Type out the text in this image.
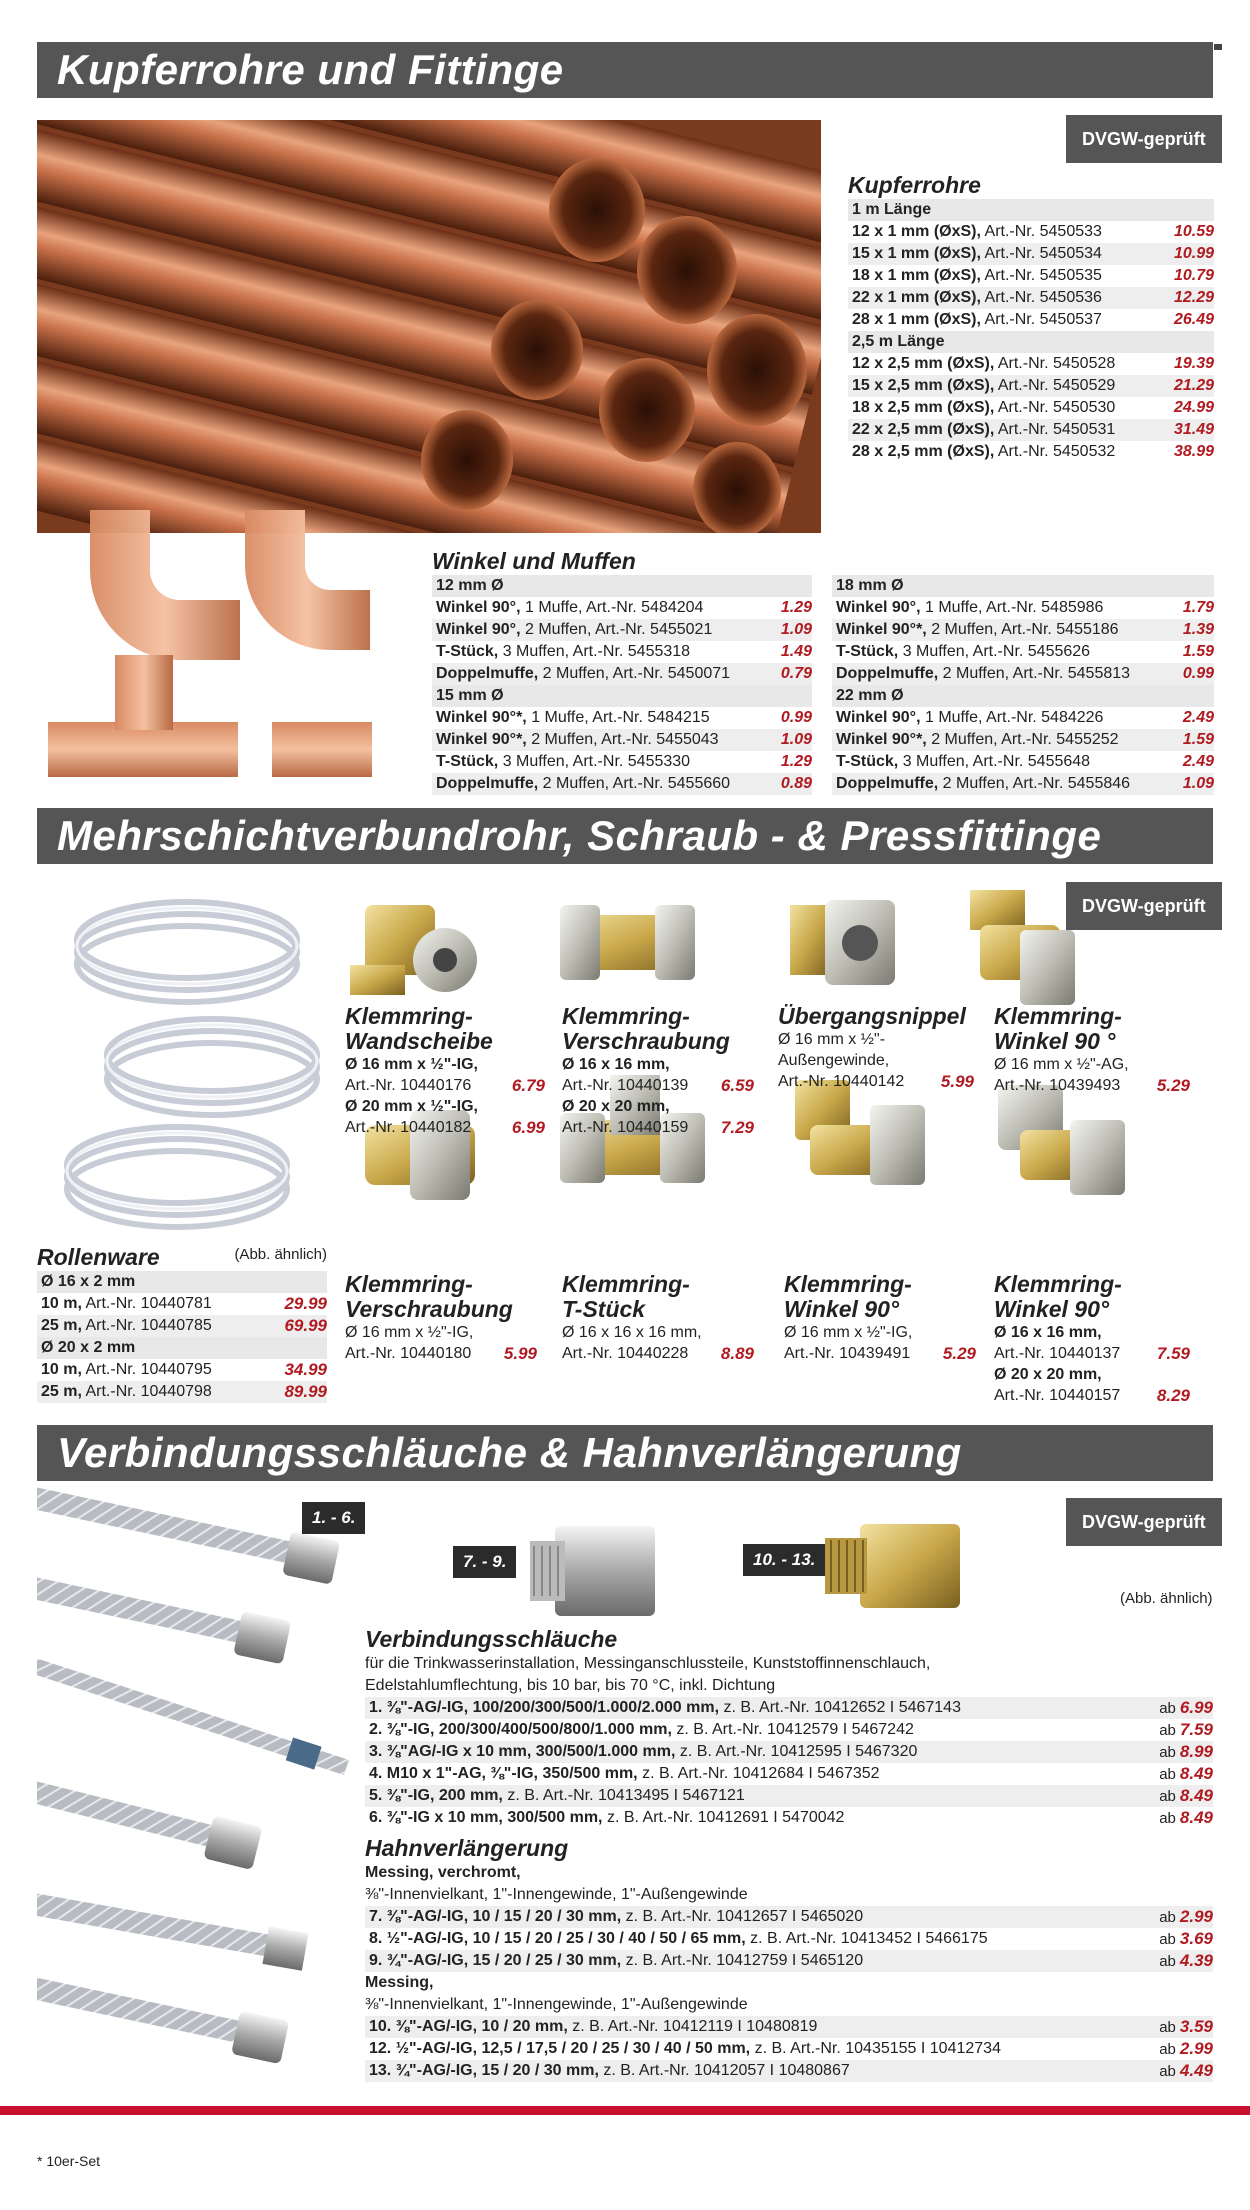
Kupferrohre und Fittinge
DVGW-geprüft
Kupferrohre
1 m Länge
12 x 1 mm (ØxS), Art.-Nr. 5450533	10.59
15 x 1 mm (ØxS), Art.-Nr. 5450534	10.99
18 x 1 mm (ØxS), Art.-Nr. 5450535	10.79
22 x 1 mm (ØxS), Art.-Nr. 5450536	12.29
28 x 1 mm (ØxS), Art.-Nr. 5450537	26.49
2,5 m Länge
12 x 2,5 mm (ØxS), Art.-Nr. 5450528	19.39
15 x 2,5 mm (ØxS), Art.-Nr. 5450529	21.29
18 x 2,5 mm (ØxS), Art.-Nr. 5450530	24.99
22 x 2,5 mm (ØxS), Art.-Nr. 5450531	31.49
28 x 2,5 mm (ØxS), Art.-Nr. 5450532	38.99
Winkel und Muffen
12 mm Ø
Winkel 90°, 1 Muffe, Art.-Nr. 5484204	1.29
Winkel 90°, 2 Muffen, Art.-Nr. 5455021	1.09
T-Stück, 3 Muffen, Art.-Nr. 5455318	1.49
Doppelmuffe, 2 Muffen, Art.-Nr. 5450071	0.79
15 mm Ø
Winkel 90°*, 1 Muffe, Art.-Nr. 5484215	0.99
Winkel 90°*, 2 Muffen, Art.-Nr. 5455043	1.09
T-Stück, 3 Muffen, Art.-Nr. 5455330	1.29
Doppelmuffe, 2 Muffen, Art.-Nr. 5455660	0.89
18 mm Ø
Winkel 90°, 1 Muffe, Art.-Nr. 5485986	1.79
Winkel 90°*, 2 Muffen, Art.-Nr. 5455186	1.39
T-Stück, 3 Muffen, Art.-Nr. 5455626	1.59
Doppelmuffe, 2 Muffen, Art.-Nr. 5455813	0.99
22 mm Ø
Winkel 90°, 1 Muffe, Art.-Nr. 5484226	2.49
Winkel 90°*, 2 Muffen, Art.-Nr. 5455252	1.59
T-Stück, 3 Muffen, Art.-Nr. 5455648	2.49
Doppelmuffe, 2 Muffen, Art.-Nr. 5455846	1.09
Mehrschichtverbundrohr, Schraub - & Pressfittinge
DVGW-geprüft
Rollenware	(Abb. ähnlich)
Ø 16 x 2 mm
10 m, Art.-Nr. 10440781	29.99
25 m, Art.-Nr. 10440785	69.99
Ø 20 x 2 mm
10 m, Art.-Nr. 10440795	34.99
25 m, Art.-Nr. 10440798	89.99
Klemmring-
Wandscheibe
Ø 16 mm x ½"-IG,
Art.-Nr. 10440176 6.79
Ø 20 mm x ½"-IG,
Art.-Nr. 10440182 6.99
Klemmring-
Verschraubung
Ø 16 x 16 mm,
Art.-Nr. 10440139 6.59
Ø 20 x 20 mm,
Art.-Nr. 10440159 7.29
Übergangsnippel
Ø 16 mm x ½"-
Außengewinde,
Art.-Nr. 10440142 5.99
Klemmring-
Winkel 90 °
Ø 16 mm x ½"-AG,
Art.-Nr. 10439493 5.29
Klemmring-
Verschraubung
Ø 16 mm x ½"-IG,
Art.-Nr. 10440180 5.99
Klemmring-
T-Stück
Ø 16 x 16 x 16 mm,
Art.-Nr. 10440228 8.89
Klemmring-
Winkel 90°
Ø 16 mm x ½"-IG,
Art.-Nr. 10439491 5.29
Klemmring-
Winkel 90°
Ø 16 x 16 mm,
Art.-Nr. 10440137 7.59
Ø 20 x 20 mm,
Art.-Nr. 10440157 8.29
Verbindungsschläuche & Hahnverlängerung
DVGW-geprüft
1. - 6.
7. - 9.	10. - 13.
(Abb. ähnlich)
Verbindungsschläuche
für die Trinkwasserinstallation, Messinganschlussteile, Kunststoffinnenschlauch,
Edelstahlumflechtung, bis 10 bar, bis 70 °C, inkl. Dichtung
1. ⅜"-AG/-IG, 100/200/300/500/1.000/2.000 mm, z. B. Art.-Nr. 10412652 I 5467143	ab 6.99
2. ⅜"-IG, 200/300/400/500/800/1.000 mm, z. B. Art.-Nr. 10412579 I 5467242	ab 7.59
3. ⅜"AG/-IG x 10 mm, 300/500/1.000 mm, z. B. Art.-Nr. 10412595 I 5467320	ab 8.99
4. M10 x 1"-AG, ⅜"-IG, 350/500 mm, z. B. Art.-Nr. 10412684 I 5467352	ab 8.49
5. ⅜"-IG, 200 mm, z. B. Art.-Nr. 10413495 I 5467121	ab 8.49
6. ⅜"-IG x 10 mm, 300/500 mm, z. B. Art.-Nr. 10412691 I 5470042	ab 8.49
Hahnverlängerung
Messing, verchromt,
⅜"-Innenvielkant, 1"-Innengewinde, 1"-Außengewinde
7. ⅜"-AG/-IG, 10 / 15 / 20 / 30 mm, z. B. Art.-Nr. 10412657 I 5465020	ab 2.99
8. ½"-AG/-IG, 10 / 15 / 20 / 25 / 30 / 40 / 50 / 65 mm, z. B. Art.-Nr. 10413452 I 5466175	ab 3.69
9. ¾"-AG/-IG, 15 / 20 / 25 / 30 mm, z. B. Art.-Nr. 10412759 I 5465120	ab 4.39
Messing,
⅜"-Innenvielkant, 1"-Innengewinde, 1"-Außengewinde
10. ⅜"-AG/-IG, 10 / 20 mm, z. B. Art.-Nr. 10412119 I 10480819	ab 3.59
12. ½"-AG/-IG, 12,5 / 17,5 / 20 / 25 / 30 / 40 / 50 mm, z. B. Art.-Nr. 10435155 I 10412734	ab 2.99
13. ¾"-AG/-IG, 15 / 20 / 30 mm, z. B. Art.-Nr. 10412057 I 10480867	ab 4.49
* 10er-Set
